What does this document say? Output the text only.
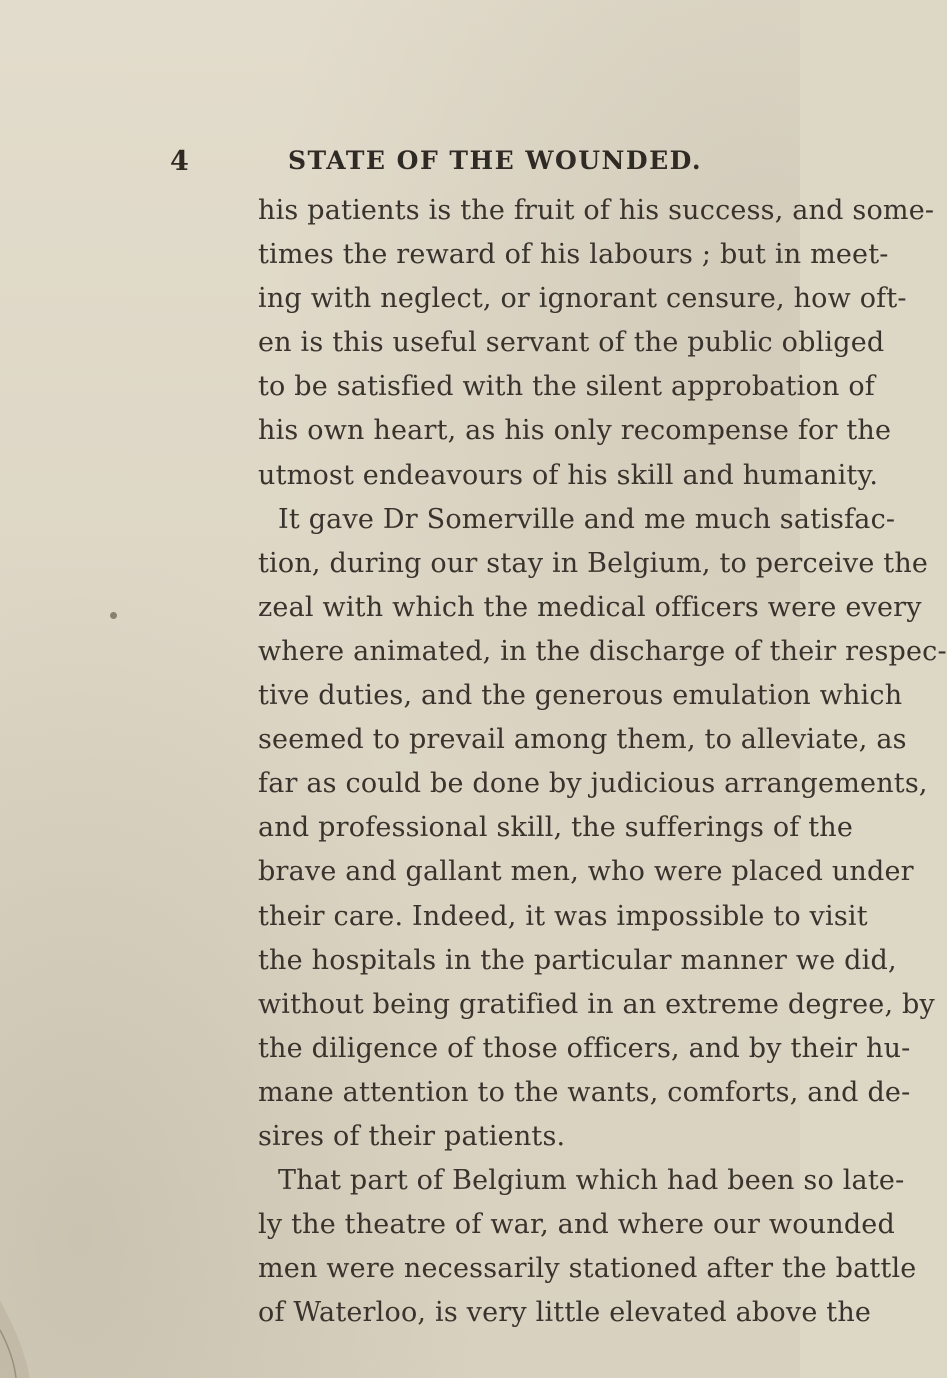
4	STATE OF THE WOUNDED.
his patients is the fruit of his success, and some-
times the reward of his labours ; but in meet-
ing with neglect, or ignorant censure, how oft-
en is this useful servant of the public obliged
to be satisfied with the silent approbation of
his own heart, as his only recompense for the
utmost endeavours of his skill and humanity.
It gave Dr Somerville and me much satisfac-
tion, during our stay in Belgium, to perceive the
zeal with which the medical officers were every
where animated, in the discharge of their respec-
tive duties, and the generous emulation which
seemed to prevail among them, to alleviate, as
far as could be done by judicious arrangements,
and professional skill, the sufferings of the
brave and gallant men, who were placed under
their care. Indeed, it was impossible to visit
the hospitals in the particular manner we did,
without being gratified in an extreme degree, by
the diligence of those officers, and by their hu-
mane attention to the wants, comforts, and de-
sires of their patients.
That part of Belgium which had been so late-
ly the theatre of war, and where our wounded
men were necessarily stationed after the battle
of Waterloo, is very little elevated above the
